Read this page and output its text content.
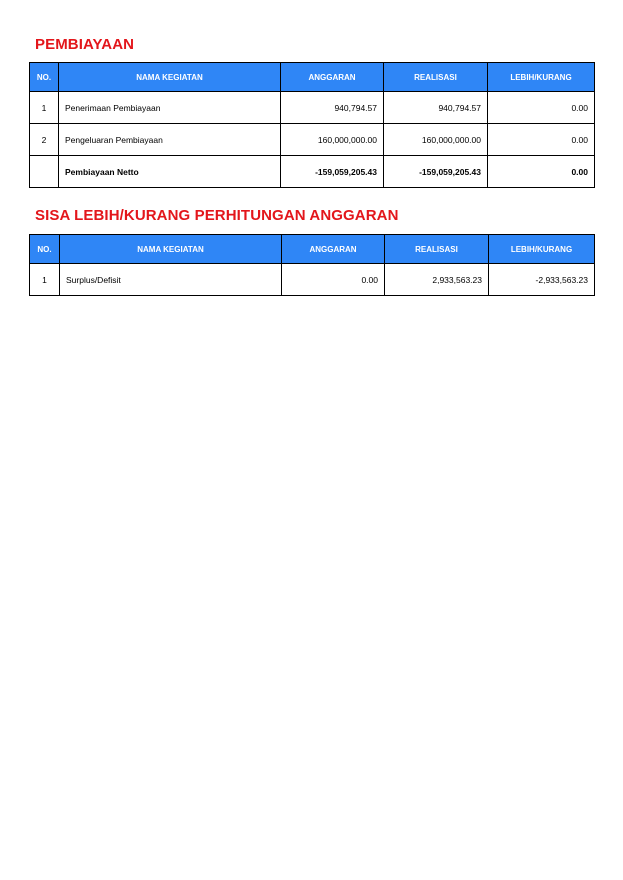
PEMBIAYAAN
NO.	NAMA KEGIATAN	ANGGARAN	REALISASI	LEBIH/KURANG
1	Penerimaan Pembiayaan	940,794.57	940,794.57	0.00
2	Pengeluaran Pembiayaan	160,000,000.00	160,000,000.00	0.00
	Pembiayaan Netto	-159,059,205.43	-159,059,205.43	0.00
SISA LEBIH/KURANG PERHITUNGAN ANGGARAN
NO.	NAMA KEGIATAN	ANGGARAN	REALISASI	LEBIH/KURANG
1	Surplus/Defisit	0.00	2,933,563.23	-2,933,563.23
